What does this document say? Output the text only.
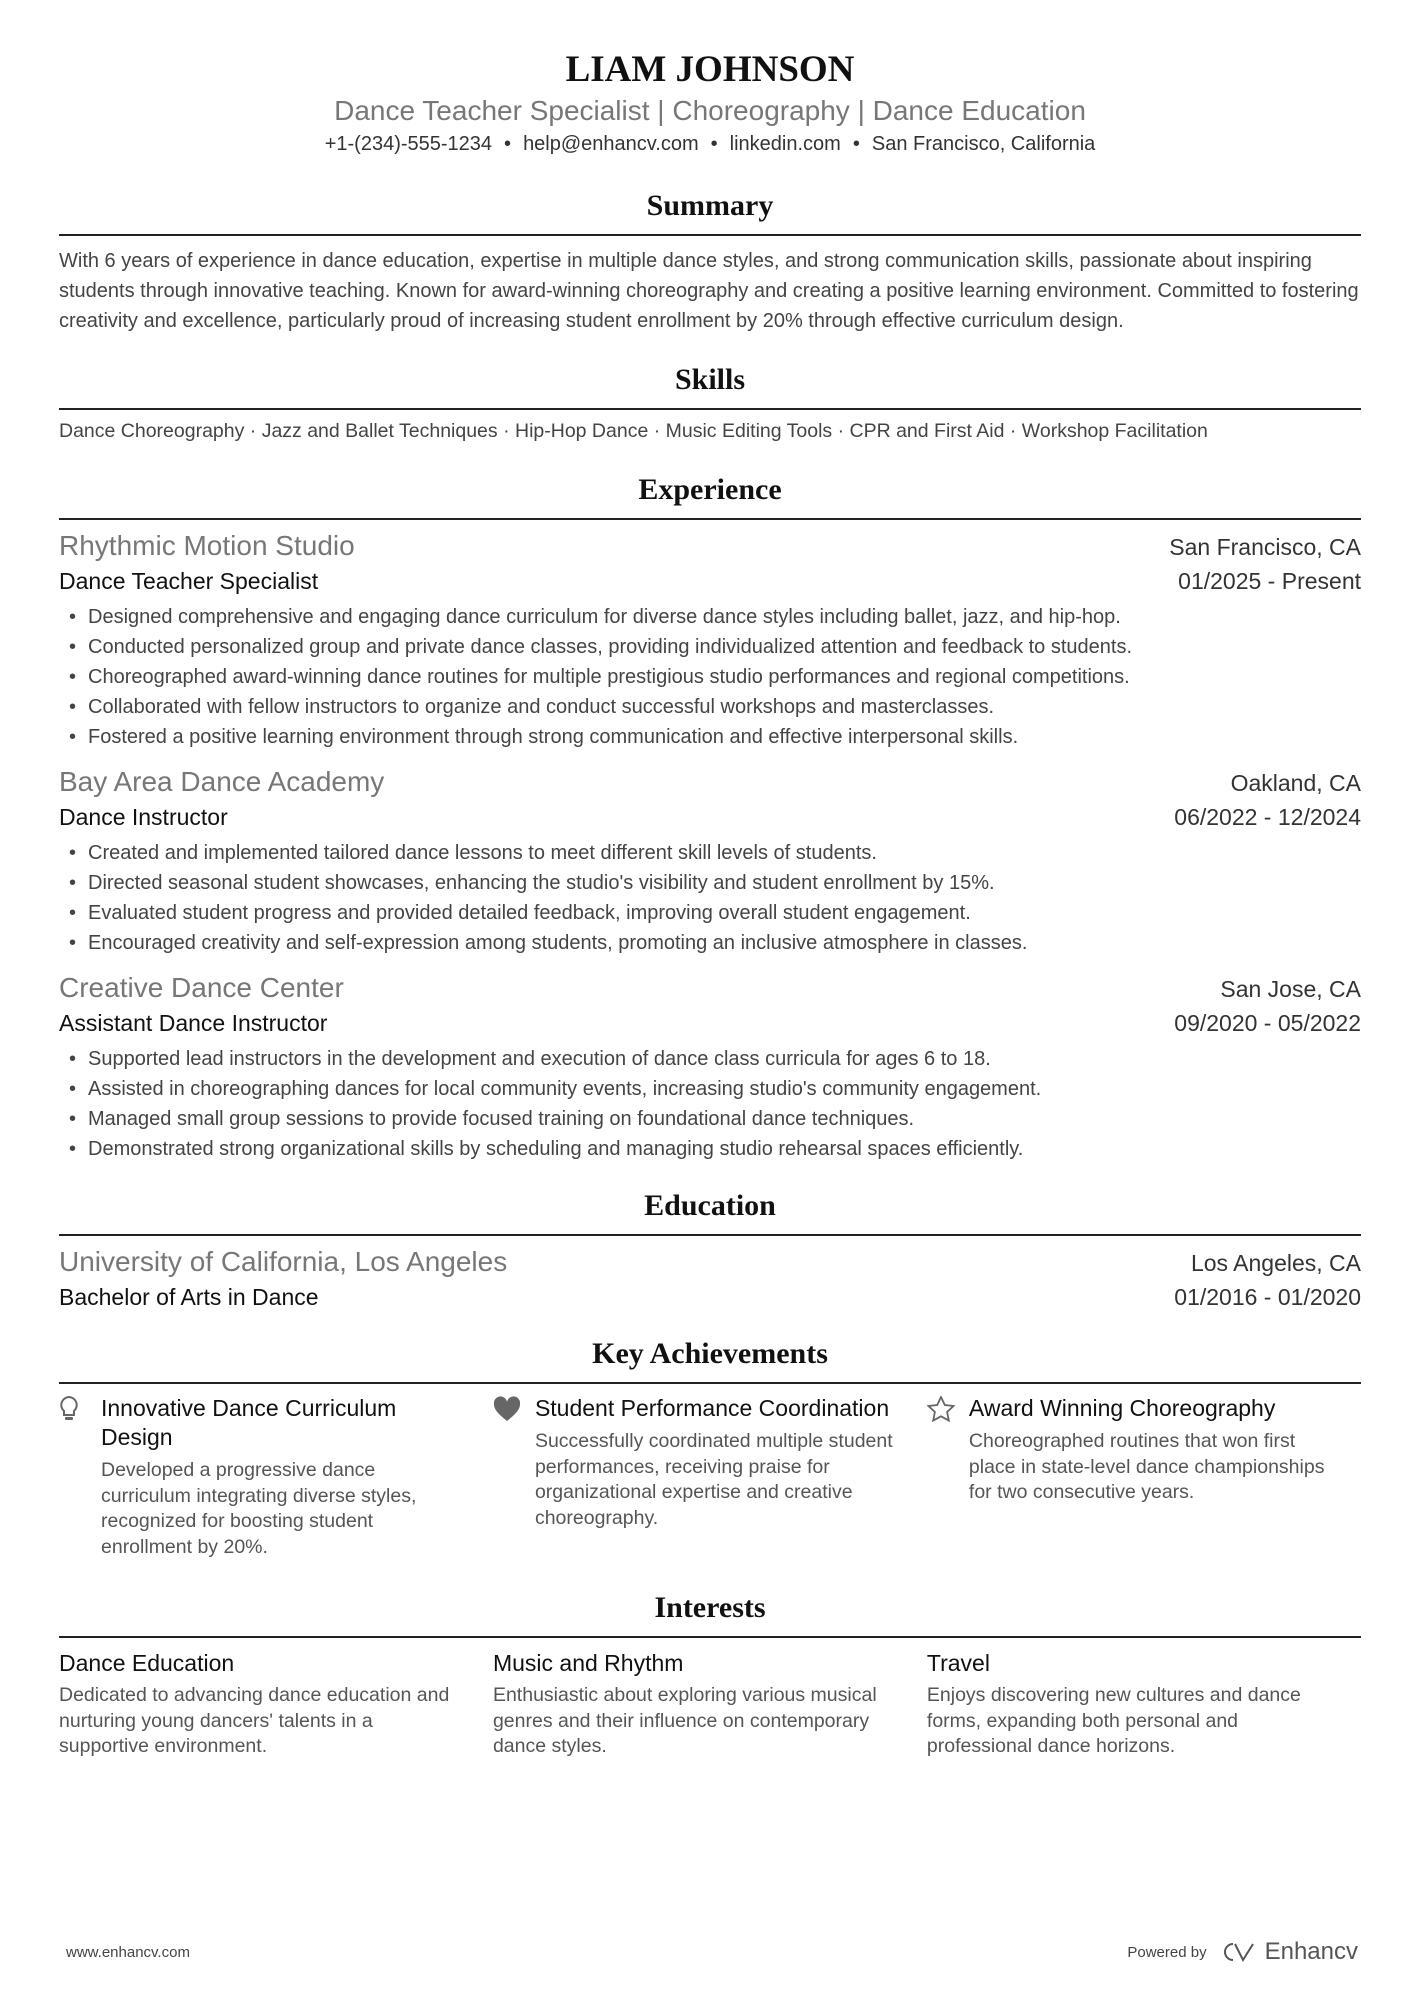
LIAM JOHNSON
Dance Teacher Specialist | Choreography | Dance Education
+1-(234)-555-1234 • help@enhancv.com • linkedin.com • San Francisco, California
Summary
With 6 years of experience in dance education, expertise in multiple dance styles, and strong communication skills, passionate about inspiring students through innovative teaching. Known for award-winning choreography and creating a positive learning environment. Committed to fostering creativity and excellence, particularly proud of increasing student enrollment by 20% through effective curriculum design.
Skills
Dance Choreography · Jazz and Ballet Techniques · Hip-Hop Dance · Music Editing Tools · CPR and First Aid · Workshop Facilitation
Experience
Rhythmic Motion Studio	San Francisco, CA
Dance Teacher Specialist	01/2025 - Present
• Designed comprehensive and engaging dance curriculum for diverse dance styles including ballet, jazz, and hip-hop.
• Conducted personalized group and private dance classes, providing individualized attention and feedback to students.
• Choreographed award-winning dance routines for multiple prestigious studio performances and regional competitions.
• Collaborated with fellow instructors to organize and conduct successful workshops and masterclasses.
• Fostered a positive learning environment through strong communication and effective interpersonal skills.
Bay Area Dance Academy	Oakland, CA
Dance Instructor	06/2022 - 12/2024
• Created and implemented tailored dance lessons to meet different skill levels of students.
• Directed seasonal student showcases, enhancing the studio's visibility and student enrollment by 15%.
• Evaluated student progress and provided detailed feedback, improving overall student engagement.
• Encouraged creativity and self-expression among students, promoting an inclusive atmosphere in classes.
Creative Dance Center	San Jose, CA
Assistant Dance Instructor	09/2020 - 05/2022
• Supported lead instructors in the development and execution of dance class curricula for ages 6 to 18.
• Assisted in choreographing dances for local community events, increasing studio's community engagement.
• Managed small group sessions to provide focused training on foundational dance techniques.
• Demonstrated strong organizational skills by scheduling and managing studio rehearsal spaces efficiently.
Education
University of California, Los Angeles	Los Angeles, CA
Bachelor of Arts in Dance	01/2016 - 01/2020
Key Achievements
Innovative Dance Curriculum Design
Developed a progressive dance curriculum integrating diverse styles, recognized for boosting student enrollment by 20%.
Student Performance Coordination
Successfully coordinated multiple student performances, receiving praise for organizational expertise and creative choreography.
Award Winning Choreography
Choreographed routines that won first place in state-level dance championships for two consecutive years.
Interests
Dance Education
Dedicated to advancing dance education and nurturing young dancers' talents in a supportive environment.
Music and Rhythm
Enthusiastic about exploring various musical genres and their influence on contemporary dance styles.
Travel
Enjoys discovering new cultures and dance forms, expanding both personal and professional dance horizons.
www.enhancv.com	Powered by Enhancv
